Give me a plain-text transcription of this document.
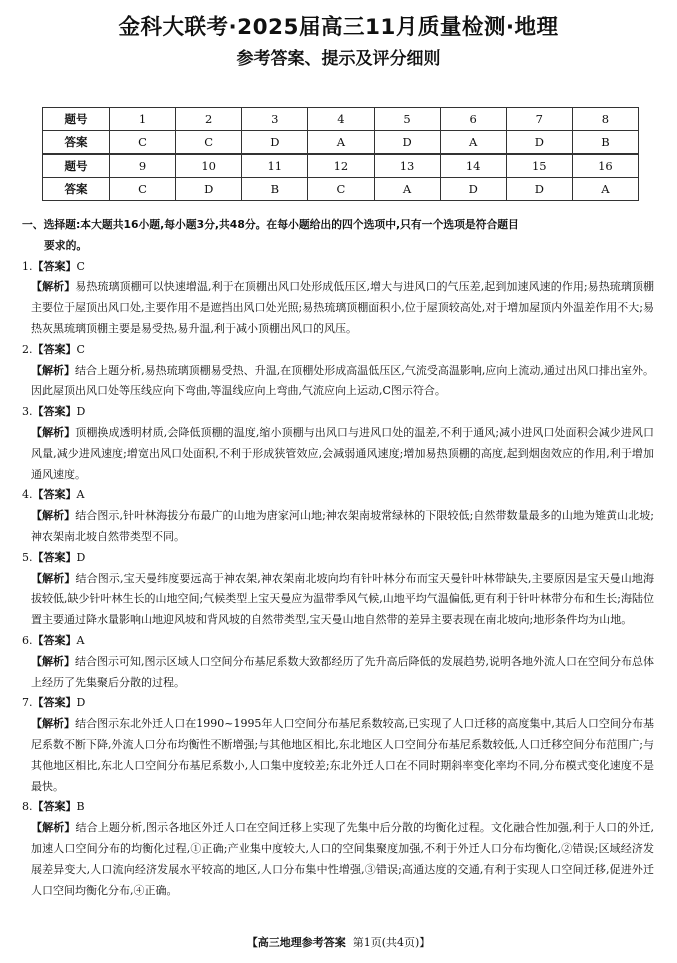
金科大联考·2025届高三11月质量检测·地理
参考答案、提示及评分细则
题号	1	2	3	4	5	6	7	8
答案	C	C	D	A	D	A	D	B
题号	9	10	11	12	13	14	15	16
答案	C	D	B	C	A	D	D	A

一、选择题:本大题共16小题,每小题3分,共48分。在每小题给出的四个选项中,只有一个选项是符合题目

要求的。

1.【答案】C

【解析】易热琉璃顶棚可以快速增温,利于在顶棚出风口处形成低压区,增大与进风口的气压差,起到加速风速的作用;易热琉璃顶棚主要位于屋顶出风口处,主要作用不是遮挡出风口处光照;易热琉璃顶棚面积小,位于屋顶较高处,对于增加屋顶内外温差作用不大;易热灰黑琉璃顶棚主要是易受热,易升温,利于减小顶棚出风口的风压。

2.【答案】C

【解析】结合上题分析,易热琉璃顶棚易受热、升温,在顶棚处形成高温低压区,气流受高温影响,应向上流动,通过出风口排出室外。因此屋顶出风口处等压线应向下弯曲,等温线应向上弯曲,气流应向上运动,C图示符合。

3.【答案】D

【解析】顶棚换成透明材质,会降低顶棚的温度,缩小顶棚与出风口与进风口处的温差,不利于通风;减小进风口处面积会减少进风口风量,减少进风速度;增宽出风口处面积,不利于形成狭管效应,会减弱通风速度;增加易热顶棚的高度,起到烟囱效应的作用,利于增加通风速度。

4.【答案】A

【解析】结合图示,针叶林海拔分布最广的山地为唐家河山地;神农架南坡常绿林的下限较低;自然带数量最多的山地为雉黄山北坡;神农架南北坡自然带类型不同。

5.【答案】D

【解析】结合图示,宝天曼纬度要远高于神农架,神农架南北坡向均有针叶林分布而宝天曼针叶林带缺失,主要原因是宝天曼山地海拔较低,缺少针叶林生长的山地空间;气候类型上宝天曼应为温带季风气候,山地平均气温偏低,更有利于针叶林带分布和生长;海陆位置主要通过降水量影响山地迎风坡和背风坡的自然带类型,宝天曼山地自然带的差异主要表现在南北坡向;地形条件均为山地。

6.【答案】A

【解析】结合图示可知,图示区域人口空间分布基尼系数大致都经历了先升高后降低的发展趋势,说明各地外流人口在空间分布总体上经历了先集聚后分散的过程。

7.【答案】D

【解析】结合图示东北外迁人口在1990~1995年人口空间分布基尼系数较高,已实现了人口迁移的高度集中,其后人口空间分布基尼系数不断下降,外流人口分布均衡性不断增强;与其他地区相比,东北地区人口空间分布基尼系数较低,人口迁移空间分布范围广;与其他地区相比,东北人口空间分布基尼系数小,人口集中度较差;东北外迁人口在不同时期斜率变化率均不同,分布模式变化速度不是最快。

8.【答案】B

【解析】结合上题分析,图示各地区外迁人口在空间迁移上实现了先集中后分散的均衡化过程。文化融合性加强,利于人口的外迁,加速人口空间分布的均衡化过程,①正确;产业集中度较大,人口的空间集聚度加强,不利于外迁人口分布均衡化,②错误;区域经济发展差异变大,人口流向经济发展水平较高的地区,人口分布集中性增强,③错误;高通达度的交通,有利于实现人口空间迁移,促进外迁人口空间均衡化分布,④正确。

【高三地理参考答案 第1页(共4页)】
